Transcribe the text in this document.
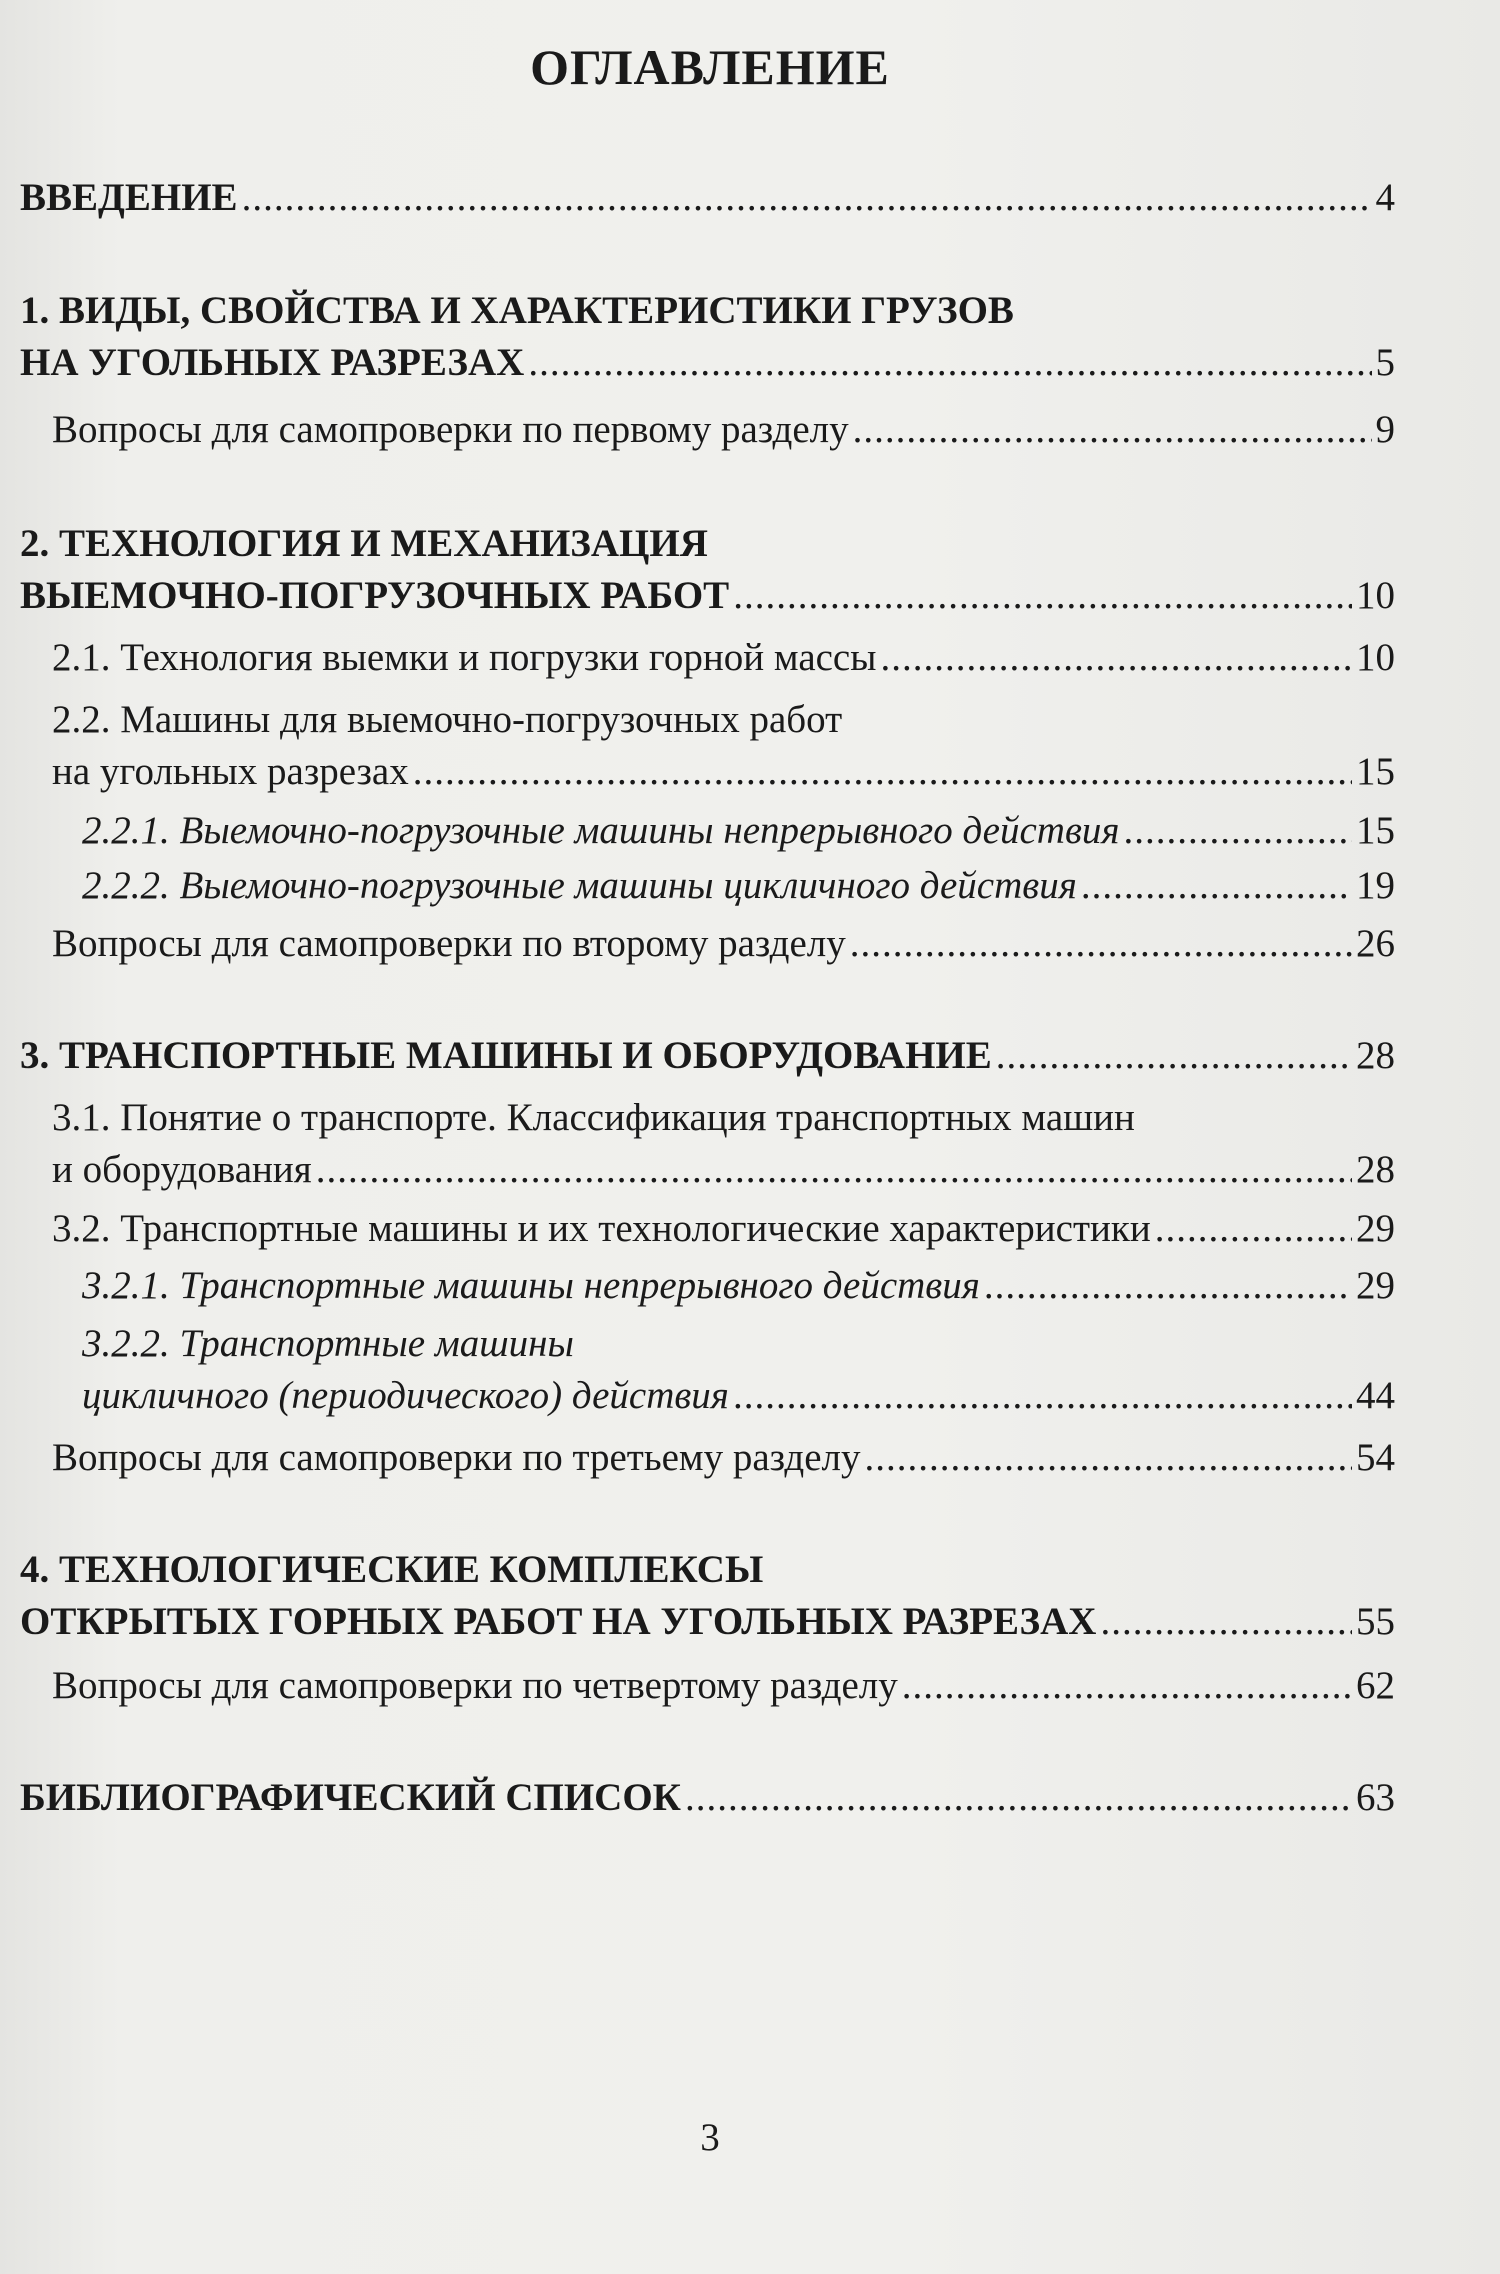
ОГЛАВЛЕНИЕ
ВВЕДЕНИЕ .....	4
1. ВИДЫ, СВОЙСТВА И ХАРАКТЕРИСТИКИ ГРУЗОВ
НА УГОЛЬНЫХ РАЗРЕЗАХ .....	5
Вопросы для самопроверки по первому разделу .....	9
2. ТЕХНОЛОГИЯ И МЕХАНИЗАЦИЯ
ВЫЕМОЧНО-ПОГРУЗОЧНЫХ РАБОТ .....	10
2.1. Технология выемки и погрузки горной массы .....	10
2.2. Машины для выемочно-погрузочных работ
на угольных разрезах .....	15
2.2.1. Выемочно-погрузочные машины непрерывного действия .....	15
2.2.2. Выемочно-погрузочные машины цикличного действия .....	19
Вопросы для самопроверки по второму разделу .....	26
3. ТРАНСПОРТНЫЕ МАШИНЫ И ОБОРУДОВАНИЕ .....	28
3.1. Понятие о транспорте. Классификация транспортных машин
и оборудования .....	28
3.2. Транспортные машины и их технологические характеристики .....	29
3.2.1. Транспортные машины непрерывного действия .....	29
3.2.2. Транспортные машины
цикличного (периодического) действия .....	44
Вопросы для самопроверки по третьему разделу .....	54
4. ТЕХНОЛОГИЧЕСКИЕ КОМПЛЕКСЫ
ОТКРЫТЫХ ГОРНЫХ РАБОТ НА УГОЛЬНЫХ РАЗРЕЗАХ .....	55
Вопросы для самопроверки по четвертому разделу .....	62
БИБЛИОГРАФИЧЕСКИЙ СПИСОК .....	63
3
